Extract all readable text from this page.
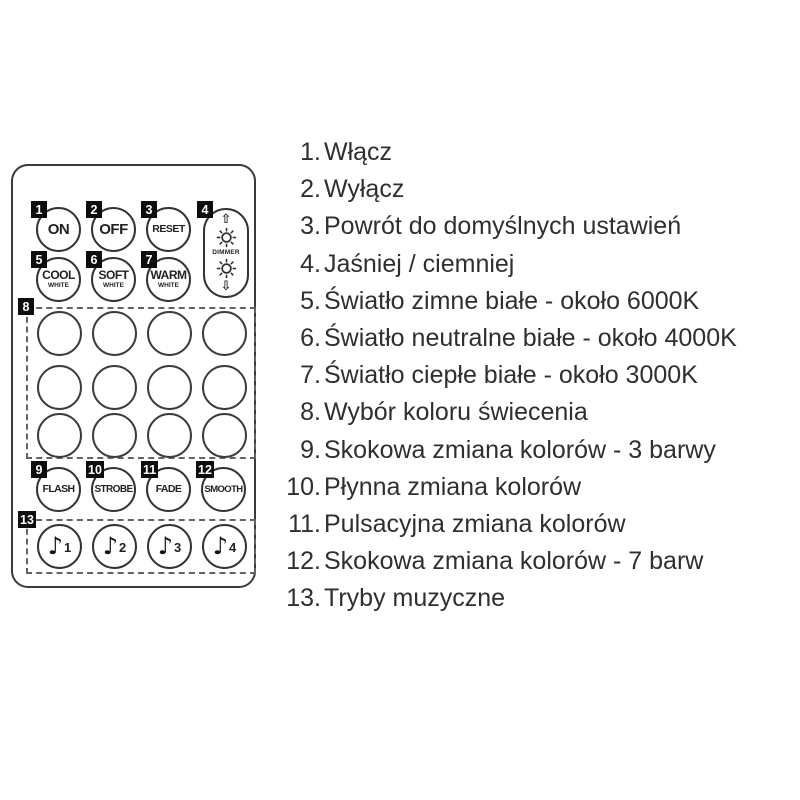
1
ON
2
OFF
3
RESET
4
⇧
DIMMER
⇩
5
COOL
WHITE
6
SOFT
WHITE
7
WARM
WHITE
8
9
FLASH
10
STROBE
11
FADE
12
SMOOTH
13
♪ 1 ♪ 2 ♪ 3 ♪ 4
1. Włącz
2. Wyłącz
3. Powrót do domyślnych ustawień
4. Jaśniej / ciemniej
5. Światło zimne białe - około 6000K
6. Światło neutralne białe - około 4000K
7. Światło ciepłe białe - około 3000K
8. Wybór koloru świecenia
9. Skokowa zmiana kolorów - 3 barwy
10. Płynna zmiana kolorów
11. Pulsacyjna zmiana kolorów
12. Skokowa zmiana kolorów - 7 barw
13. Tryby muzyczne
